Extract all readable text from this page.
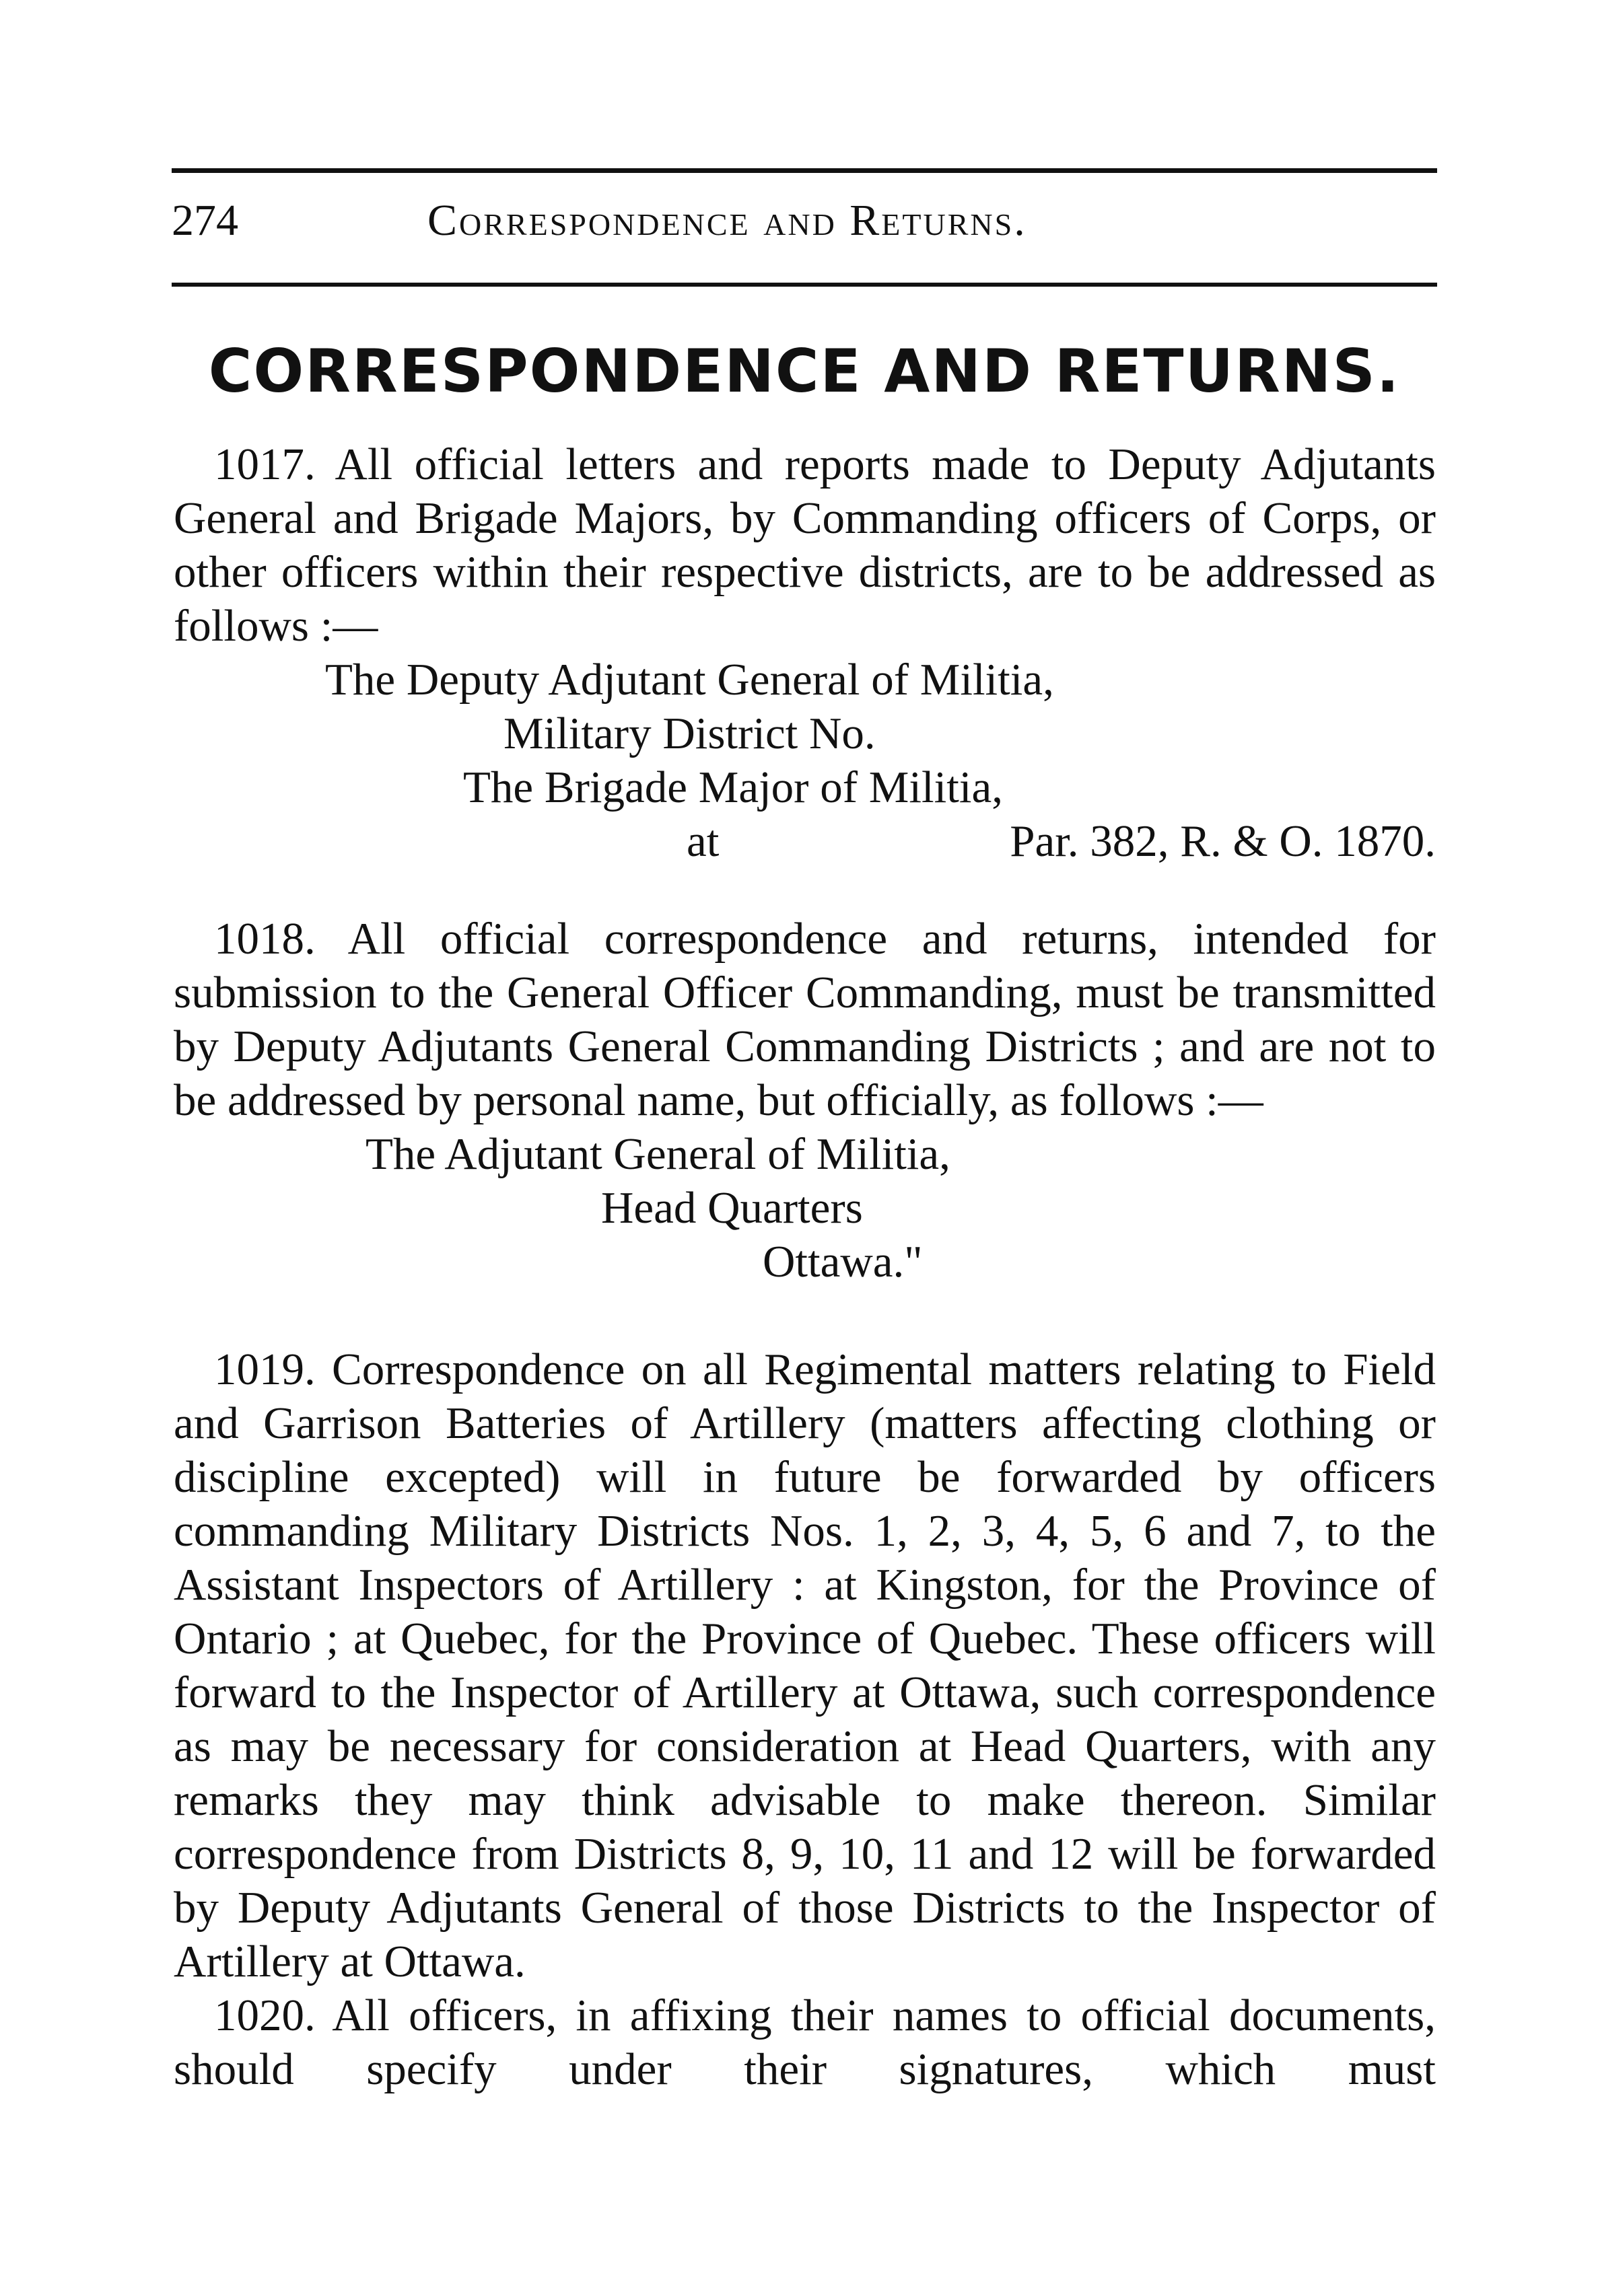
274	Correspondence and Returns.
CORRESPONDENCE AND RETURNS.

1017. All official letters and reports made to Deputy Adjutants General and Brigade Majors, by Commanding officers of Corps, or other officers within their respective districts, are to be addressed as follows :—

The Deputy Adjutant General of Militia,
Military District No.
The Brigade Major of Militia,
at	Par. 382, R. & O. 1870.

1018. All official correspondence and returns, intended for submission to the General Officer Commanding, must be transmitted by Deputy Adjutants General Commanding Districts ; and are not to be addressed by personal name, but officially, as follows :—

The Adjutant General of Militia,
Head Quarters
Ottawa."

1019. Correspondence on all Regimental matters relating to Field and Garrison Batteries of Artillery (matters affecting clothing or discipline excepted) will in future be forwarded by officers commanding Military Districts Nos. 1, 2, 3, 4, 5, 6 and 7, to the Assistant Inspectors of Artillery : at Kingston, for the Province of Ontario ; at Quebec, for the Province of Quebec. These officers will forward to the Inspector of Artillery at Ottawa, such correspondence as may be necessary for consideration at Head Quarters, with any remarks they may think advisable to make thereon. Similar correspondence from Districts 8, 9, 10, 11 and 12 will be forwarded by Deputy Adjutants General of those Districts to the Inspector of Artillery at Ottawa.

1020. All officers, in affixing their names to official documents, should specify under their signatures, which must
